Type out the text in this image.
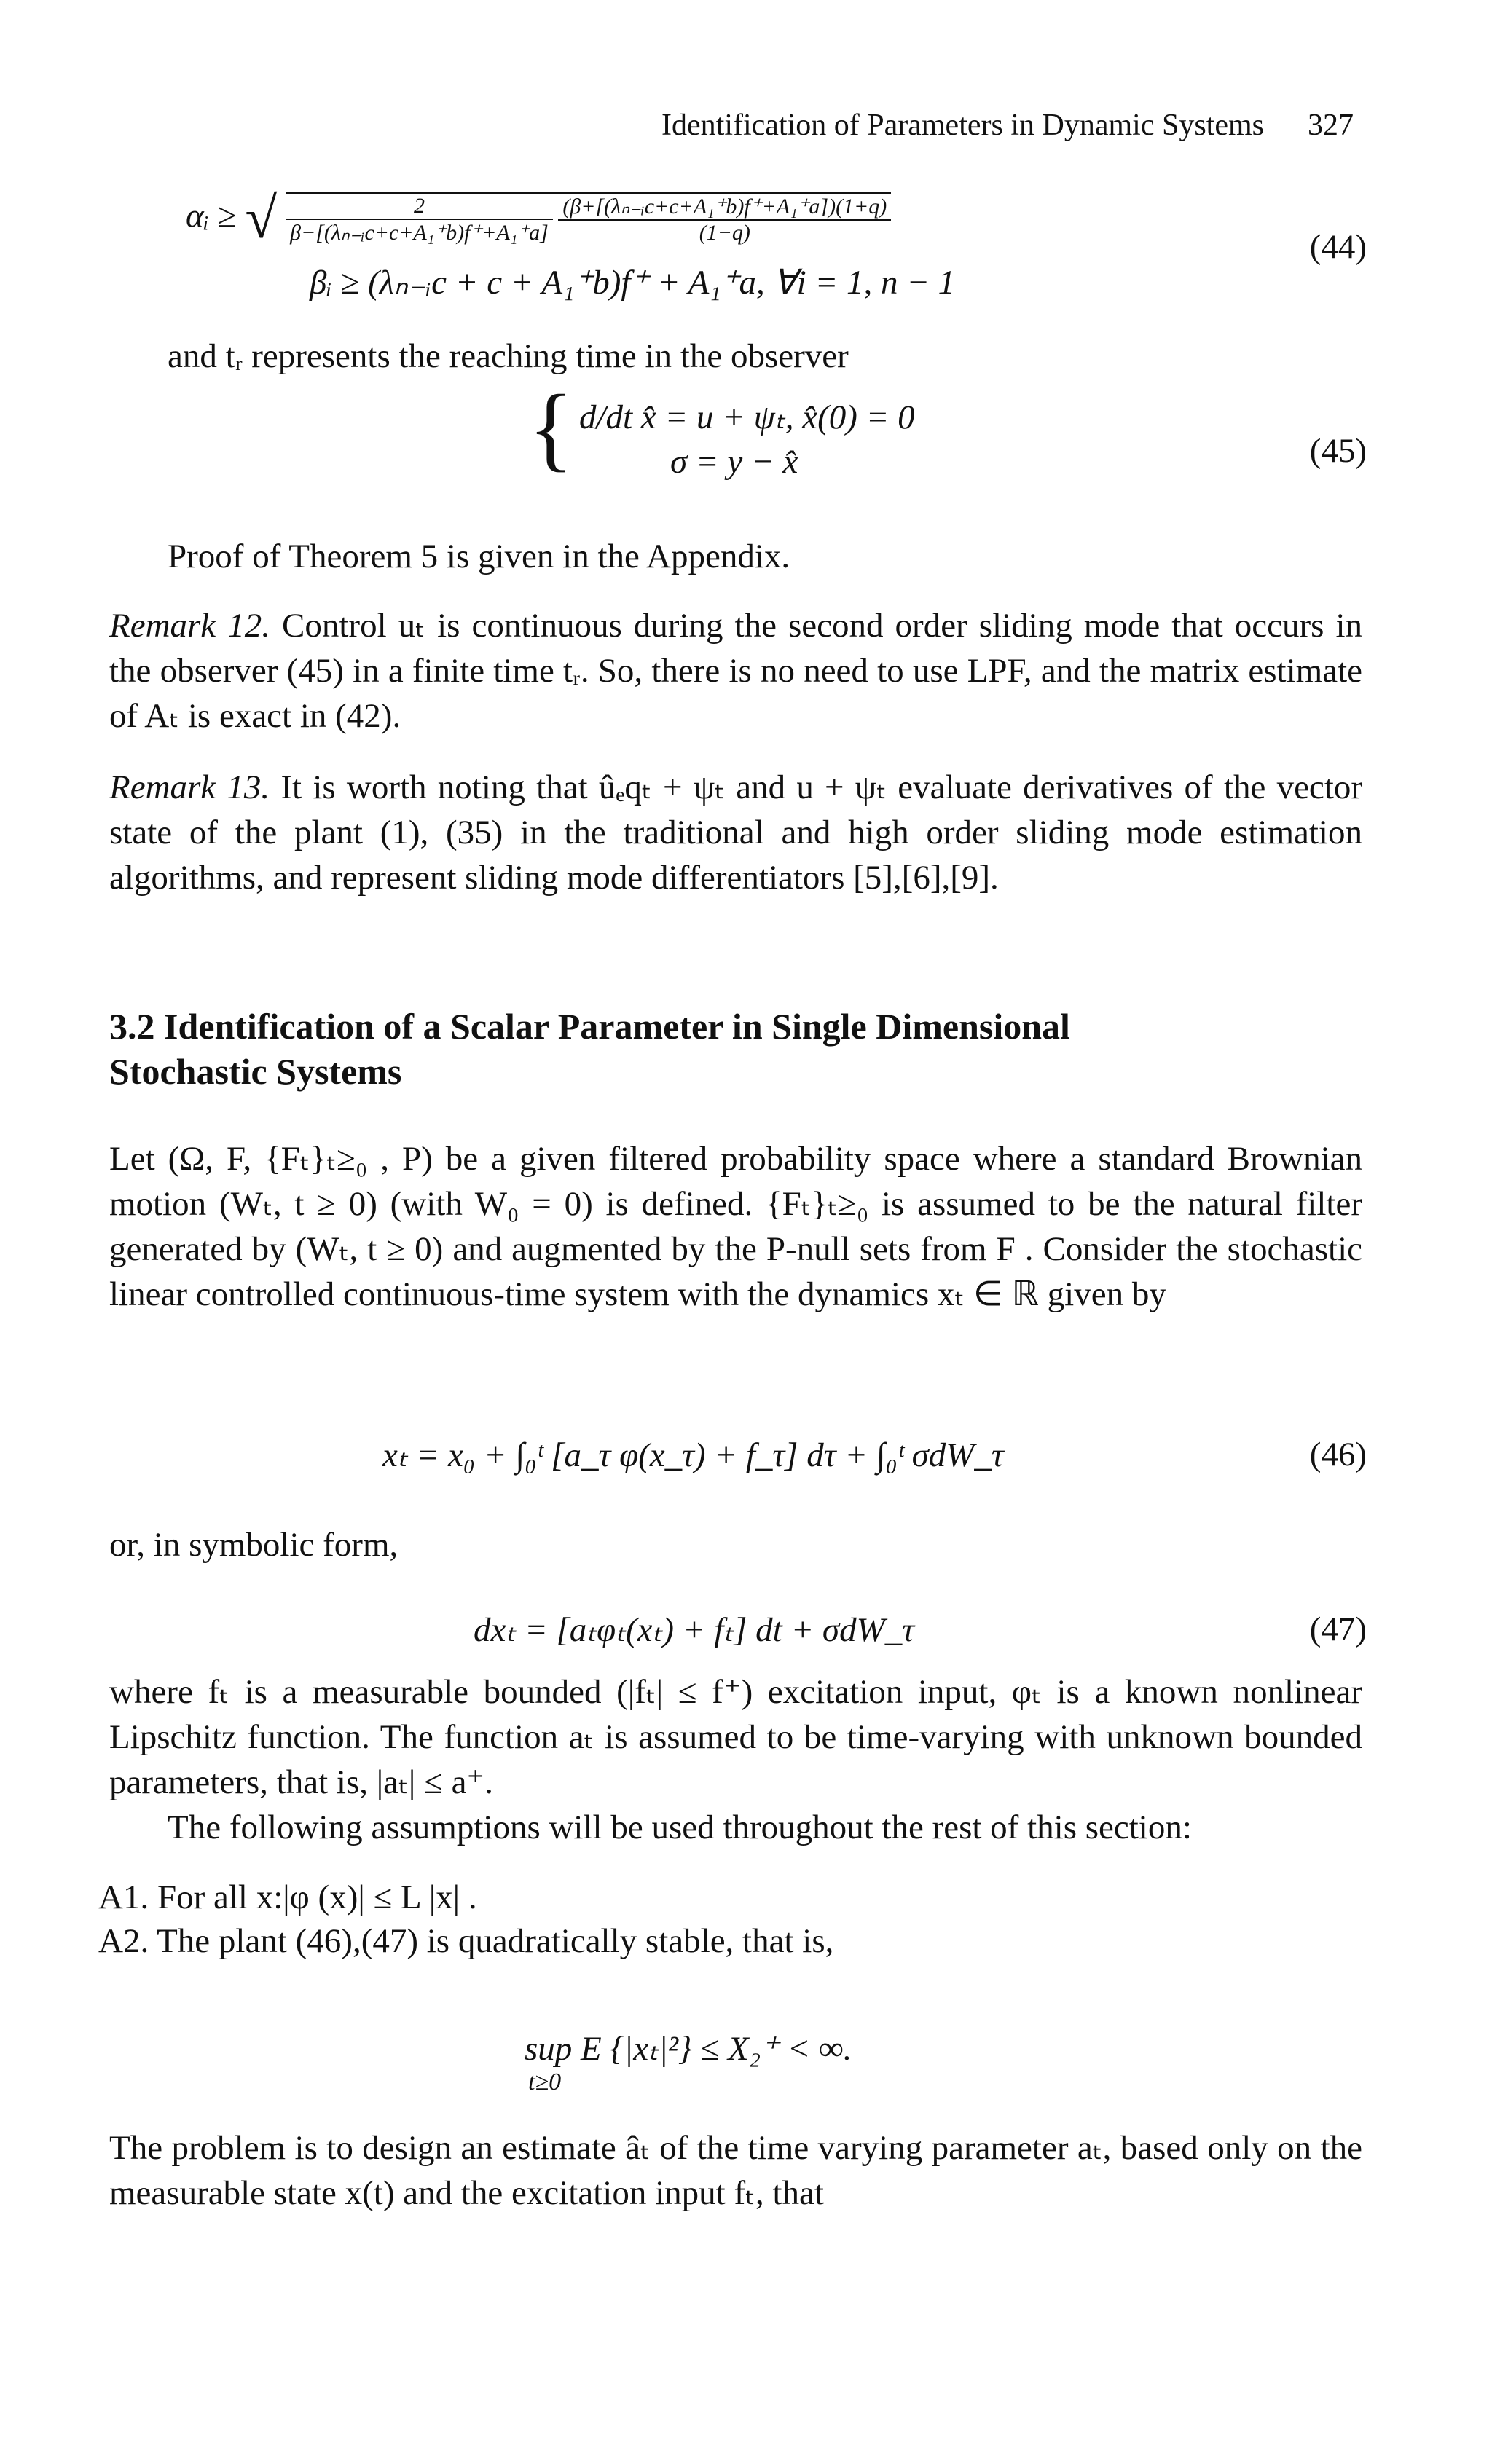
Identification of Parameters in Dynamic Systems 327
αᵢ ≥ √ $\frac{2}{\text{β−[(λₙ₋ᵢc+c+A₁⁺b)f⁺+A₁⁺a]}}$
$\frac{\text{(β+[(λₙ₋ᵢc+c+A₁⁺b)f⁺+A₁⁺a])(1+q)}}{(1-q)}$
βᵢ ≥ (λₙ₋ᵢc + c + A₁⁺b)f⁺ + A₁⁺a, ∀i = 1, n − 1
(44)
and tᵣ represents the reaching time in the observer
{ d/dt x̂ = u + ψₜ, x̂(0) = 0
σ = y − x̂	(45)
Proof of Theorem 5 is given in the Appendix.
Remark 12. Control uₜ is continuous during the second order sliding mode that occurs in the observer (45) in a finite time tᵣ. So, there is no need to use LPF, and the matrix estimate of Aₜ is exact in (42).
Remark 13. It is worth noting that ûₑqₜ + ψₜ and u + ψₜ evaluate derivatives of the vector state of the plant (1), (35) in the traditional and high order sliding mode estimation algorithms, and represent sliding mode differentiators [5],[6],[9].
3.2 Identification of a Scalar Parameter in Single Dimensional
Stochastic Systems
Let (Ω, F, {Fₜ}ₜ≥₀ , P) be a given filtered probability space where a standard Brownian motion (Wₜ, t ≥ 0) (with W₀ = 0) is defined. {Fₜ}ₜ≥₀ is assumed to be the natural filter generated by (Wₜ, t ≥ 0) and augmented by the P-null sets from F . Consider the stochastic linear controlled continuous-time system with the dynamics xₜ ∈ ℝ given by
xₜ = x₀ + ∫₀ᵗ [a_τ φ(x_τ) + f_τ] dτ + ∫₀ᵗ σdW_τ	(46)
or, in symbolic form,
dxₜ = [aₜφₜ(xₜ) + fₜ] dt + σdW_τ	(47)
where fₜ is a measurable bounded (|fₜ| ≤ f⁺) excitation input, φₜ is a known nonlinear Lipschitz function. The function aₜ is assumed to be time-varying with unknown bounded parameters, that is, |aₜ| ≤ a⁺.
The following assumptions will be used throughout the rest of this section:
A1. For all x:|φ (x)| ≤ L |x| .
A2. The plant (46),(47) is quadratically stable, that is,
sup E {|xₜ|²} ≤ X₂⁺ < ∞.
t≥0
The problem is to design an estimate âₜ of the time varying parameter aₜ, based only on the measurable state x(t) and the excitation input fₜ, that
